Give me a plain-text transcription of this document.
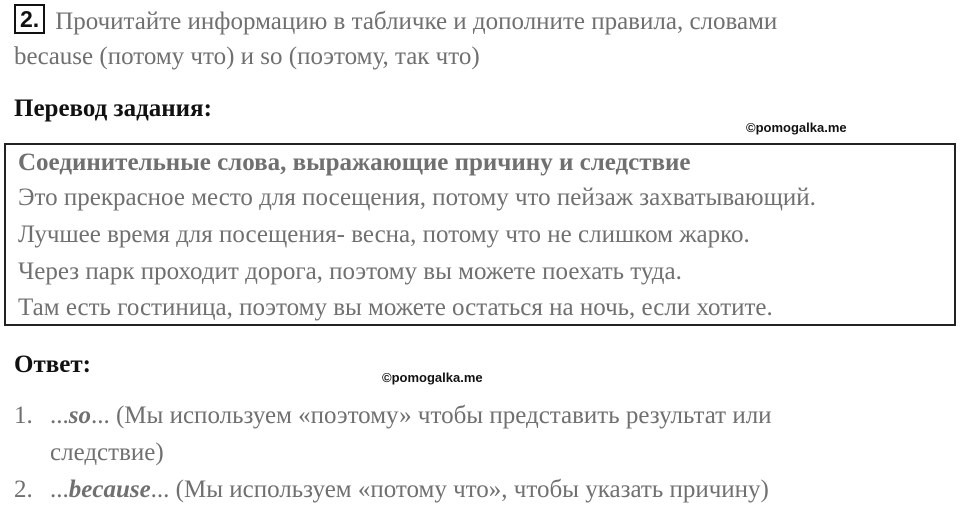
2. Прочитайте информацию в табличке и дополните правила, словами
because (потому что) и so (поэтому, так что)
Перевод задания:
©pomogalka.me
Соединительные слова, выражающие причину и следствие
Это прекрасное место для посещения, потому что пейзаж захватывающий.
Лучшее время для посещения- весна, потому что не слишком жарко.
Через парк проходит дорога, поэтому вы можете поехать туда.
Там есть гостиница, поэтому вы можете остаться на ночь, если хотите.
Ответ:	©pomogalka.me
1. ...so... (Мы используем «поэтому» чтобы представить результат или
следствие)
2. ...because... (Мы используем «потому что», чтобы указать причину)
